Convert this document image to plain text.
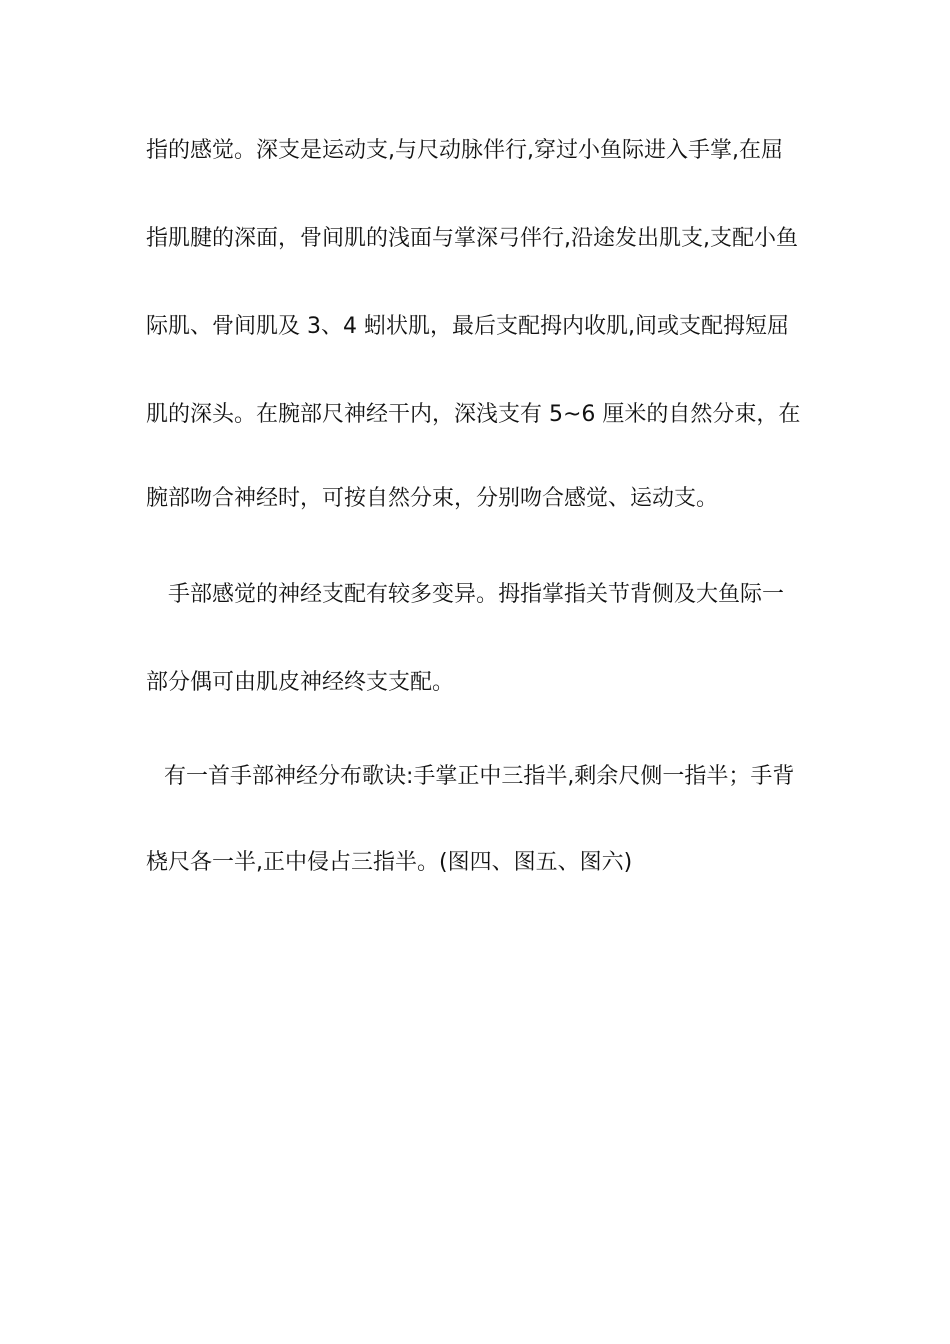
指的感觉。深支是运动支,与尺动脉伴行,穿过小鱼际进入手掌,在屈
指肌腱的深面，骨间肌的浅面与掌深弓伴行,沿途发出肌支,支配小鱼
际肌、骨间肌及 3、4 蚓状肌，最后支配拇内收肌,间或支配拇短屈
肌的深头。在腕部尺神经干内，深浅支有 5~6 厘米的自然分束，在
腕部吻合神经时，可按自然分束，分别吻合感觉、运动支。
手部感觉的神经支配有较多变异。拇指掌指关节背侧及大鱼际一
部分偶可由肌皮神经终支支配。
有一首手部神经分布歌诀:手掌正中三指半,剩余尺侧一指半；手背
桡尺各一半,正中侵占三指半。(图四、图五、图六)
